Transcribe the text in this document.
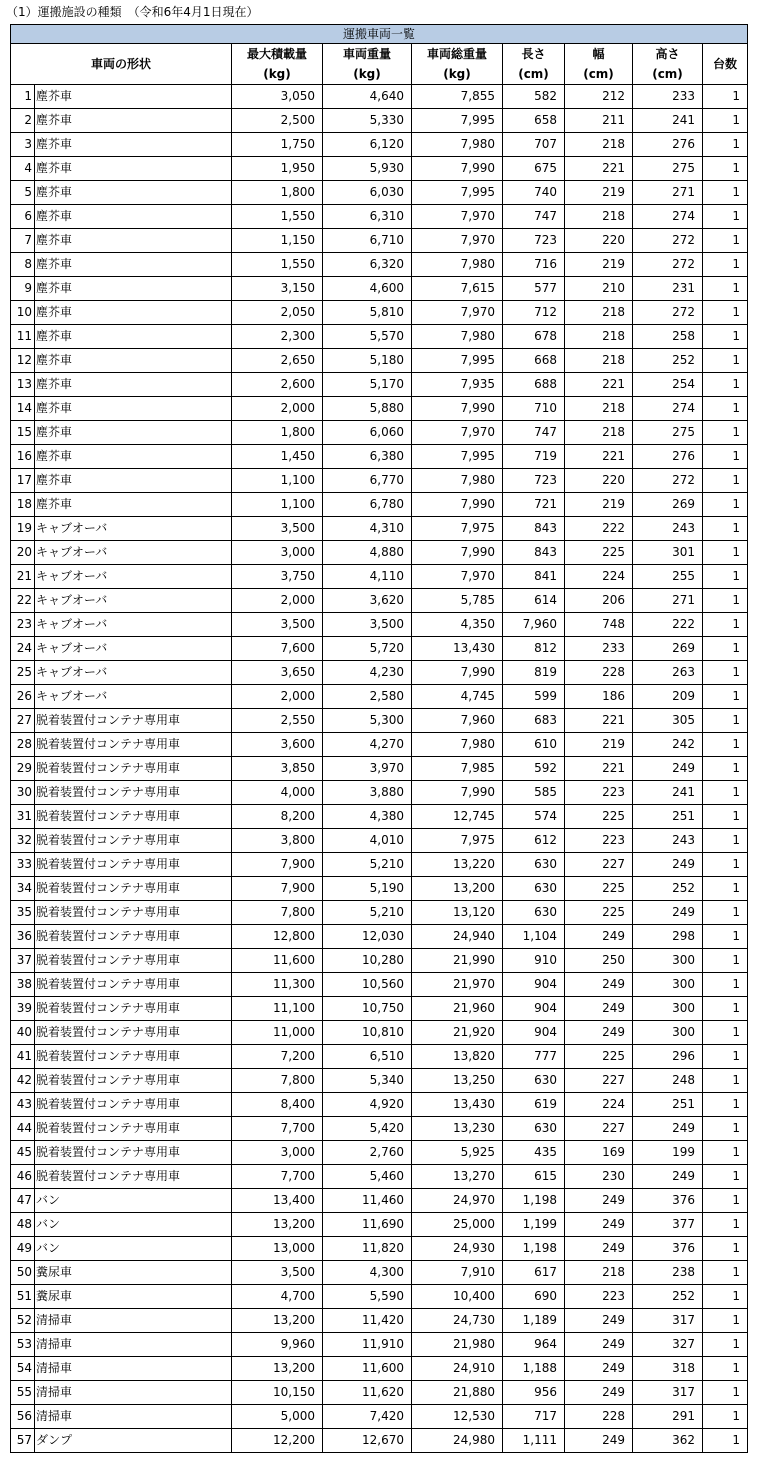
（1）運搬施設の種類　（令和6年4月1日現在）
運搬車両一覧								
車両の形状		最大積載量	車両重量	車両総重量	長さ	幅	高さ	台数
		(kg)	(kg)	(kg)	(cm)	(cm)	(cm)	
1	塵芥車	3,050	4,640	7,855	582	212	233	1
2	塵芥車	2,500	5,330	7,995	658	211	241	1
3	塵芥車	1,750	6,120	7,980	707	218	276	1
4	塵芥車	1,950	5,930	7,990	675	221	275	1
5	塵芥車	1,800	6,030	7,995	740	219	271	1
6	塵芥車	1,550	6,310	7,970	747	218	274	1
7	塵芥車	1,150	6,710	7,970	723	220	272	1
8	塵芥車	1,550	6,320	7,980	716	219	272	1
9	塵芥車	3,150	4,600	7,615	577	210	231	1
10	塵芥車	2,050	5,810	7,970	712	218	272	1
11	塵芥車	2,300	5,570	7,980	678	218	258	1
12	塵芥車	2,650	5,180	7,995	668	218	252	1
13	塵芥車	2,600	5,170	7,935	688	221	254	1
14	塵芥車	2,000	5,880	7,990	710	218	274	1
15	塵芥車	1,800	6,060	7,970	747	218	275	1
16	塵芥車	1,450	6,380	7,995	719	221	276	1
17	塵芥車	1,100	6,770	7,980	723	220	272	1
18	塵芥車	1,100	6,780	7,990	721	219	269	1
19	キャブオーバ	3,500	4,310	7,975	843	222	243	1
20	キャブオーバ	3,000	4,880	7,990	843	225	301	1
21	キャブオーバ	3,750	4,110	7,970	841	224	255	1
22	キャブオーバ	2,000	3,620	5,785	614	206	271	1
23	キャブオーバ	3,500	3,500	4,350	7,960	748	222	1
24	キャブオーバ	7,600	5,720	13,430	812	233	269	1
25	キャブオーバ	3,650	4,230	7,990	819	228	263	1
26	キャブオーバ	2,000	2,580	4,745	599	186	209	1
27	脱着装置付コンテナ専用車	2,550	5,300	7,960	683	221	305	1
28	脱着装置付コンテナ専用車	3,600	4,270	7,980	610	219	242	1
29	脱着装置付コンテナ専用車	3,850	3,970	7,985	592	221	249	1
30	脱着装置付コンテナ専用車	4,000	3,880	7,990	585	223	241	1
31	脱着装置付コンテナ専用車	8,200	4,380	12,745	574	225	251	1
32	脱着装置付コンテナ専用車	3,800	4,010	7,975	612	223	243	1
33	脱着装置付コンテナ専用車	7,900	5,210	13,220	630	227	249	1
34	脱着装置付コンテナ専用車	7,900	5,190	13,200	630	225	252	1
35	脱着装置付コンテナ専用車	7,800	5,210	13,120	630	225	249	1
36	脱着装置付コンテナ専用車	12,800	12,030	24,940	1,104	249	298	1
37	脱着装置付コンテナ専用車	11,600	10,280	21,990	910	250	300	1
38	脱着装置付コンテナ専用車	11,300	10,560	21,970	904	249	300	1
39	脱着装置付コンテナ専用車	11,100	10,750	21,960	904	249	300	1
40	脱着装置付コンテナ専用車	11,000	10,810	21,920	904	249	300	1
41	脱着装置付コンテナ専用車	7,200	6,510	13,820	777	225	296	1
42	脱着装置付コンテナ専用車	7,800	5,340	13,250	630	227	248	1
43	脱着装置付コンテナ専用車	8,400	4,920	13,430	619	224	251	1
44	脱着装置付コンテナ専用車	7,700	5,420	13,230	630	227	249	1
45	脱着装置付コンテナ専用車	3,000	2,760	5,925	435	169	199	1
46	脱着装置付コンテナ専用車	7,700	5,460	13,270	615	230	249	1
47	バン	13,400	11,460	24,970	1,198	249	376	1
48	バン	13,200	11,690	25,000	1,199	249	377	1
49	バン	13,000	11,820	24,930	1,198	249	376	1
50	糞尿車	3,500	4,300	7,910	617	218	238	1
51	糞尿車	4,700	5,590	10,400	690	223	252	1
52	清掃車	13,200	11,420	24,730	1,189	249	317	1
53	清掃車	9,960	11,910	21,980	964	249	327	1
54	清掃車	13,200	11,600	24,910	1,188	249	318	1
55	清掃車	10,150	11,620	21,880	956	249	317	1
56	清掃車	5,000	7,420	12,530	717	228	291	1
57	ダンプ	12,200	12,670	24,980	1,111	249	362	1
